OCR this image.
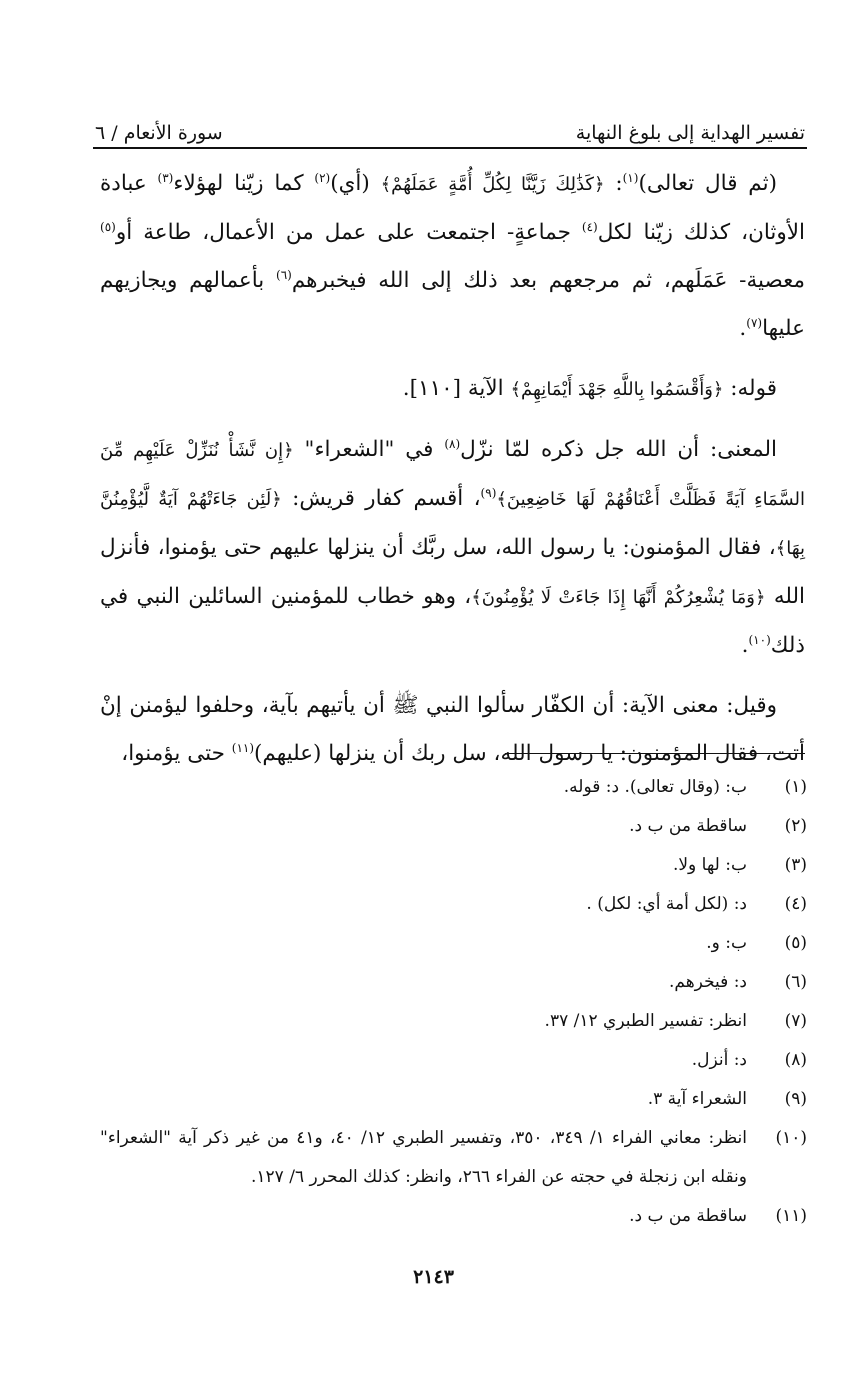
تفسير الهداية إلى بلوغ النهاية
سورة الأنعام / ٦

(ثم قال تعالى)$^{(١)}$: ﴿كَذَٰلِكَ زَيَّنَّا لِكُلِّ أُمَّةٍ عَمَلَهُمْ﴾ (أي)$^{(٢)}$ كما زيّنا لهؤلاء$^{(٣)}$ عبادة الأوثان، كذلك زيّنا لكل$^{(٤)}$ جماعةٍ- اجتمعت على عمل من الأعمال، طاعة أو$^{(٥)}$ معصية- عَمَلَهم، ثم مرجعهم بعد ذلك إلى الله فيخبرهم$^{(٦)}$ بأعمالهم ويجازيهم عليها$^{(٧)}$.

قوله: ﴿وَأَقْسَمُوا بِاللَّهِ جَهْدَ أَيْمَانِهِمْ﴾ الآية [١١٠].

المعنى: أن الله جل ذكره لمّا نزّل$^{(٨)}$ في "الشعراء" ﴿إِن نَّشَأْ نُنَزِّلْ عَلَيْهِم مِّنَ السَّمَاءِ آيَةً فَظَلَّتْ أَعْنَاقُهُمْ لَهَا خَاضِعِينَ﴾$^{(٩)}$، أقسم كفار قريش: ﴿لَئِن جَاءَتْهُمْ آيَةٌ لَّيُؤْمِنُنَّ بِهَا﴾، فقال المؤمنون: يا رسول الله، سل ربَّك أن ينزلها عليهم حتى يؤمنوا، فأنزل الله ﴿وَمَا يُشْعِرُكُمْ أَنَّهَا إِذَا جَاءَتْ لَا يُؤْمِنُونَ﴾، وهو خطاب للمؤمنين السائلين النبي في ذلك$^{(١٠)}$.

وقيل: معنى الآية: أن الكفّار سألوا النبي ﷺ أن يأتيهم بآية، وحلفوا ليؤمنن إنْ أتت، فقال المؤمنون: يا رسول الله، سل ربك أن ينزلها (عليهم)$^{(١١)}$ حتى يؤمنوا،

(١)
ب: (وقال تعالى). د: قوله.
(٢)
ساقطة من ب د.
(٣)
ب: لها ولا.
(٤)
د: (لكل أمة أي: لكل) .
(٥)
ب: و.
(٦)
د: فيخرهم.
(٧)
انظر: تفسير الطبري ١٢/ ٣٧.
(٨)
د: أنزل.
(٩)
الشعراء آية ٣.
(١٠)
انظر: معاني الفراء ١/ ٣٤٩، ٣٥٠، وتفسير الطبري ١٢/ ٤٠، و٤١ من غير ذكر آية "الشعراء" ونقله ابن زنجلة في حجته عن الفراء ٢٦٦، وانظر: كذلك المحرر ٦/ ١٢٧.
(١١)
ساقطة من ب د.
٢١٤٣
